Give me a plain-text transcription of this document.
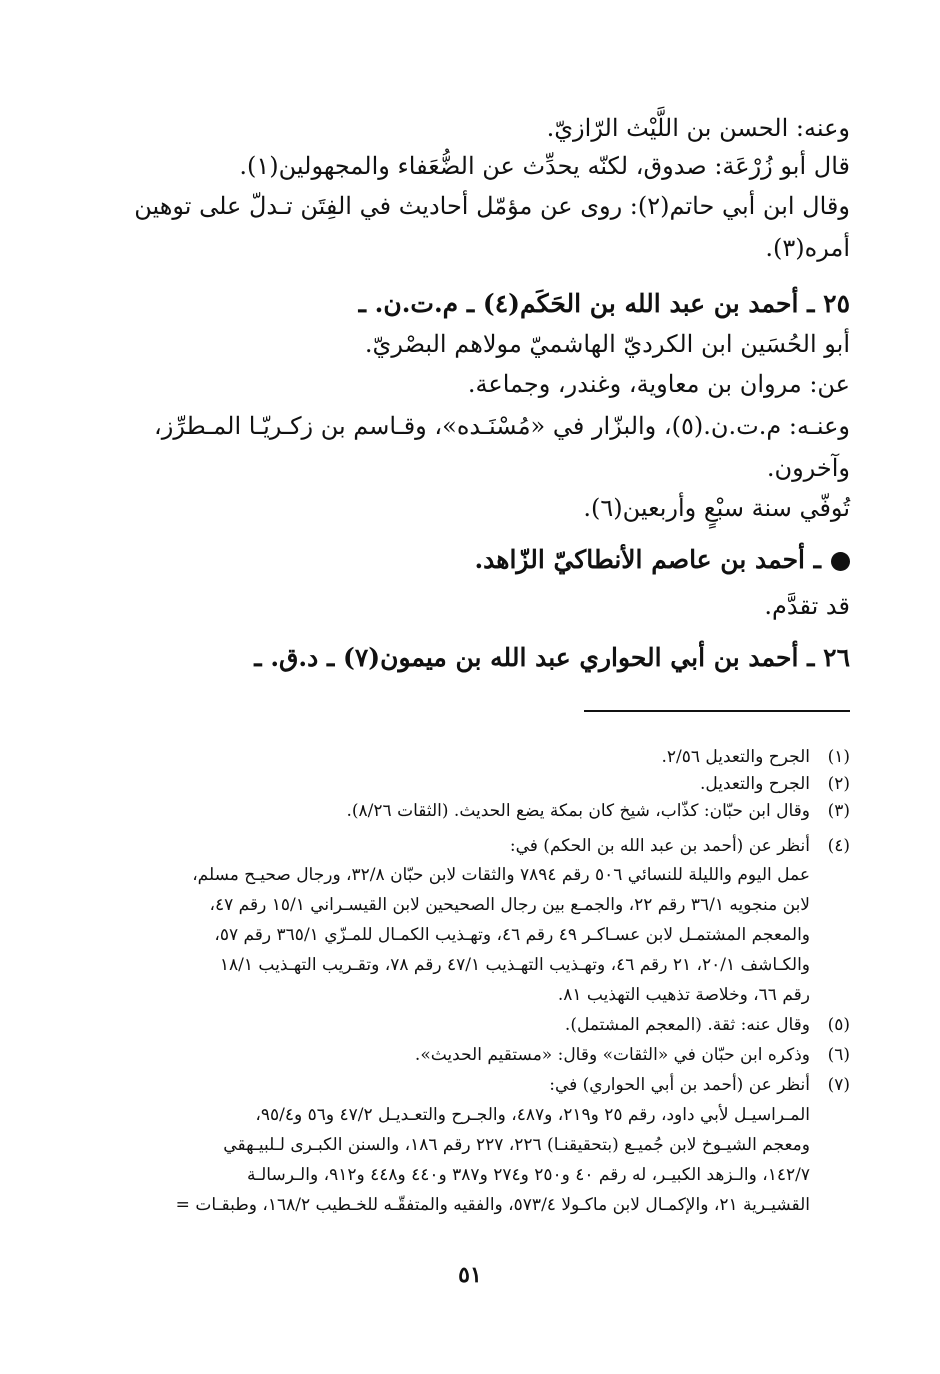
وعنه: الحسن بن اللَّيْث الرّازيّ.
قال أبو زُرْعَة: صدوق، لكنّه يحدِّث عن الضُّعَفاء والمجهولين(١).
وقال ابن أبي حاتم(٢): روى عن مؤمّل أحاديث في الفِتَن تـدلّ على توهين
أمره(٣).
٢٥ ـ أحمد بن عبد الله بن الحَكَم(٤) ـ م.ت.ن. ـ
أبو الحُسَين ابن الكرديّ الهاشميّ مولاهم البصْريّ.
عن: مروان بن معاوية، وغندر، وجماعة.
وعنـه: م.ت.ن.(٥)، والبزّار في «مُسْنَـده»، وقـاسم بن زكـريّـا المـطرِّز،
وآخرون.
تُوفّي سنة سبْعٍ وأربعين(٦).
ـ أحمد بن عاصم الأنطاكيّ الزّاهد.
قد تقدَّم.
٢٦ ـ أحمد بن أبي الحواري عبد الله بن ميمون(٧) ـ د.ق. ـ
(١)الجرح والتعديل ٢/٥٦.
(٢)الجرح والتعديل.
(٣)وقال ابن حبّان: كذّاب، شيخ كان بمكة يضع الحديث. (الثقات ٨/٢٦).
(٤)أنظر عن (أحمد بن عبد الله بن الحكم) في:
عمل اليوم والليلة للنسائي ٥٠٦ رقم ٧٨٩٤ والثقات لابن حبّان ٣٢/٨، ورجال صحيـح مسلم،
لابن منجويه ٣٦/١ رقم ٢٢، والجمـع بين رجال الصحيحين لابن القيسـراني ١٥/١ رقم ٤٧،
والمعجم المشتمـل لابن عسـاكـر ٤٩ رقم ٤٦، وتهـذيب الكمـال للمـزّي ٣٦٥/١ رقم ٥٧،
والكـاشف ٢٠/١، ٢١ رقم ٤٦، وتهـذيب التهـذيب ٤٧/١ رقم ٧٨، وتقـريب التهـذيب ١٨/١
رقم ٦٦، وخلاصة تذهيب التهذيب ٨١.
(٥)وقال عنه: ثقة. (المعجم المشتمل).
(٦)وذكره ابن حبّان في «الثقات» وقال: «مستقيم الحديث».
(٧)أنظر عن (أحمد بن أبي الحواري) في:
المـراسيـل لأبي داود، رقم ٢٥ و٢١٩، و٤٨٧، والجـرح والتعـديـل ٤٧/٢ و٥٦ و٩٥/٤،
ومعجم الشيـوخ لابن جُميـع (بتحقيقنـا) ٢٢٦، ٢٢٧ رقم ١٨٦، والسنن الكبـرى لـلبيـهقي
١٤٢/٧، والـزهد الكبيـر، له رقم ٤٠ و٢٥٠ و٢٧٤ و٣٨٧ و٤٤٠ و٤٤٨ و٩١٢، والـرسالـة
القشيـرية ٢١، والإكمـال لابن ماكـولا ٥٧٣/٤، والفقيه والمتفقّـه للخـطيب ١٦٨/٢، وطبقـات =
٥١
